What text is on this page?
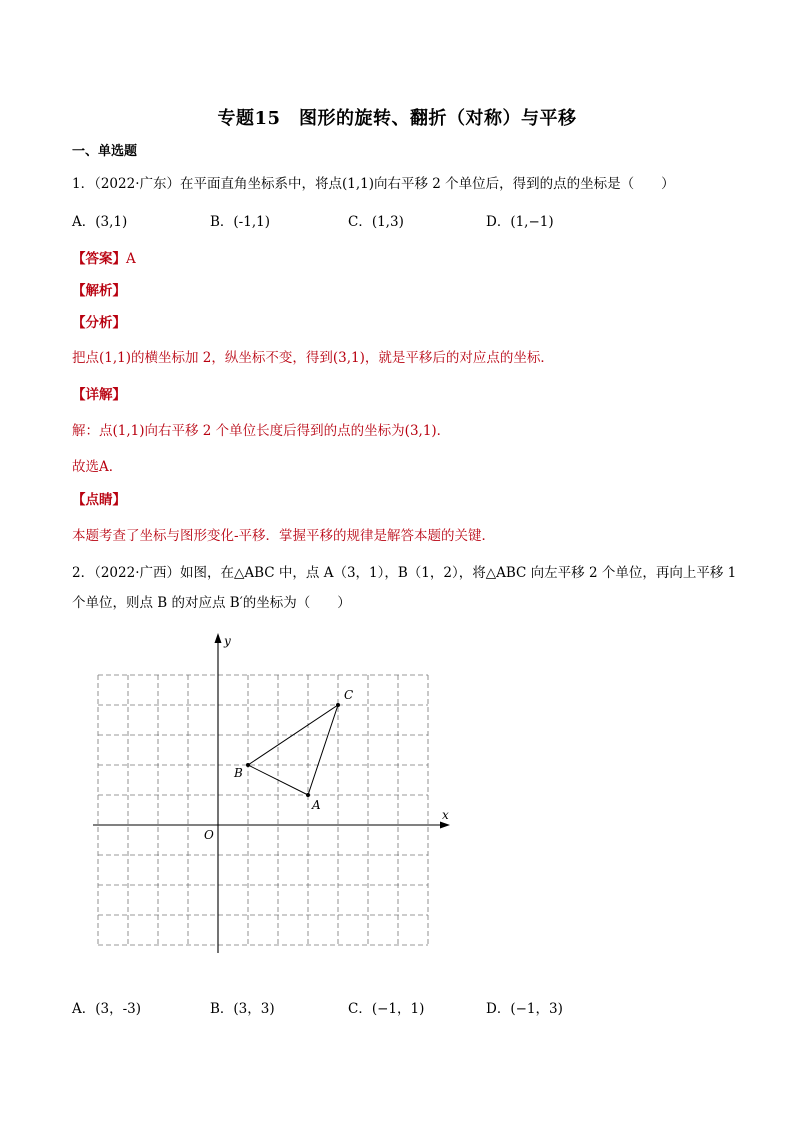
专题15　图形的旋转、翻折（对称）与平移
一、单选题
1．（2022·广东）在平面直角坐标系中，将点(1,1)向右平移 2 个单位后，得到的点的坐标是（　　）
A．(3,1)	B．(-1,1)	C．(1,3)	D．(1,−1)
【答案】A
【解析】
【分析】
把点(1,1)的横坐标加 2，纵坐标不变，得到(3,1)，就是平移后的对应点的坐标．
【详解】
解：点(1,1)向右平移 2 个单位长度后得到的点的坐标为(3,1)．
故选A．
【点睛】
本题考查了坐标与图形变化-平移．掌握平移的规律是解答本题的关键．
2．（2022·广西）如图，在△ABC 中，点 A（3，1），B（1，2），将△ABC 向左平移 2 个单位，再向上平移 1
个单位，则点 B 的对应点 B′的坐标为（　　）
A
B
C
x
y
O
A．(3，-3)	B．(3，3)	C．(−1，1)	D．(−1，3)
